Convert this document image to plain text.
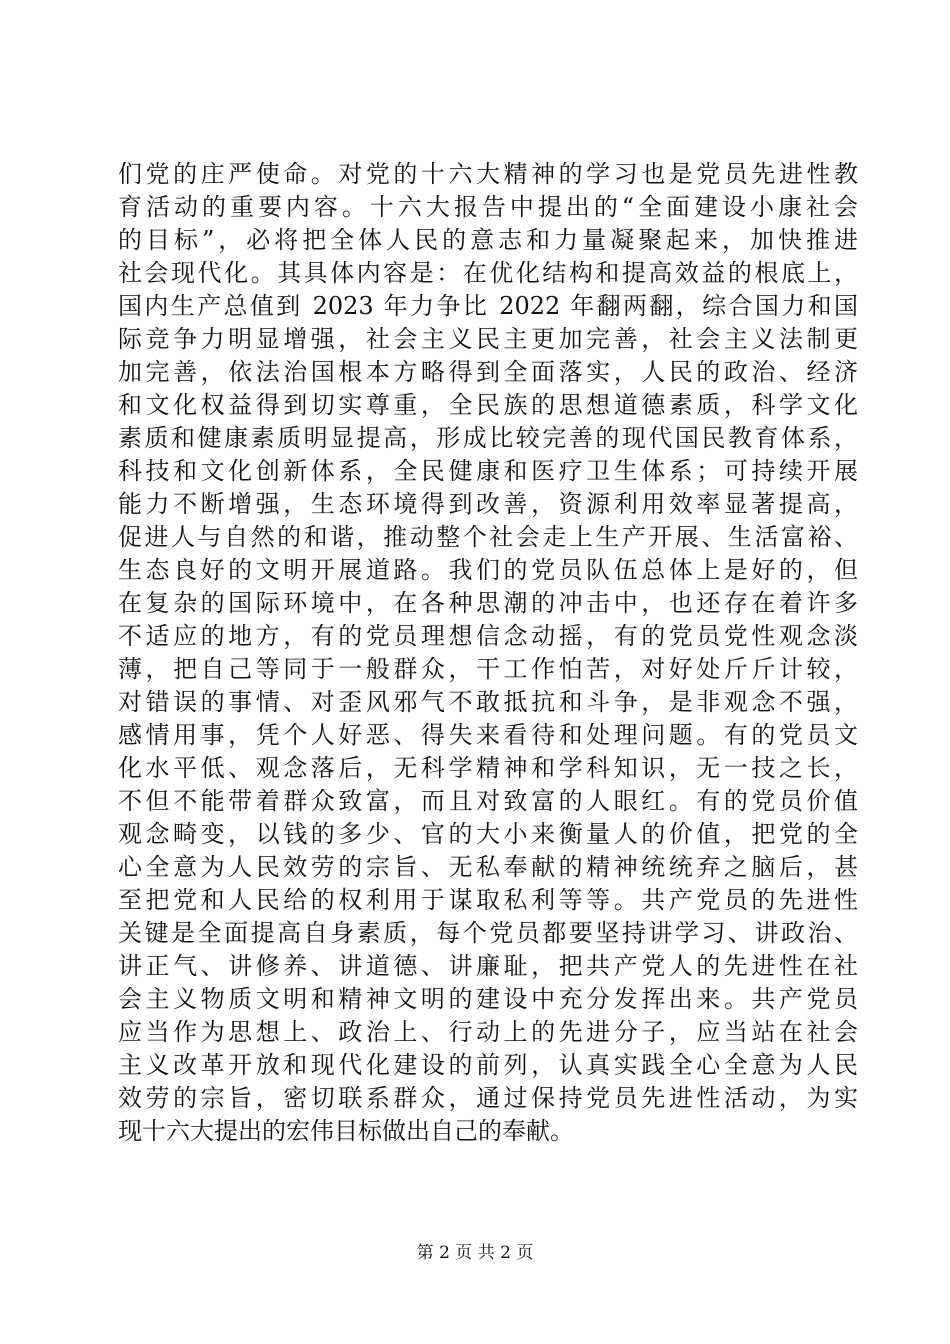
们党的庄严使命。对党的十六大精神的学习也是党员先进性教
育活动的重要内容。十六大报告中提出的“全面建设小康社会
的目标”，必将把全体人民的意志和力量凝聚起来，加快推进
社会现代化。其具体内容是：在优化结构和提高效益的根底上，
国内生产总值到 2023 年力争比 2022 年翻两翻，综合国力和国
际竞争力明显增强，社会主义民主更加完善，社会主义法制更
加完善，依法治国根本方略得到全面落实，人民的政治、经济
和文化权益得到切实尊重，全民族的思想道德素质，科学文化
素质和健康素质明显提高，形成比较完善的现代国民教育体系，
科技和文化创新体系，全民健康和医疗卫生体系；可持续开展
能力不断增强，生态环境得到改善，资源利用效率显著提高，
促进人与自然的和谐，推动整个社会走上生产开展、生活富裕、
生态良好的文明开展道路。我们的党员队伍总体上是好的，但
在复杂的国际环境中，在各种思潮的冲击中，也还存在着许多
不适应的地方，有的党员理想信念动摇，有的党员党性观念淡
薄，把自己等同于一般群众，干工作怕苦，对好处斤斤计较，
对错误的事情、对歪风邪气不敢抵抗和斗争，是非观念不强，
感情用事，凭个人好恶、得失来看待和处理问题。有的党员文
化水平低、观念落后，无科学精神和学科知识，无一技之长，
不但不能带着群众致富，而且对致富的人眼红。有的党员价值
观念畸变，以钱的多少、官的大小来衡量人的价值，把党的全
心全意为人民效劳的宗旨、无私奉献的精神统统弃之脑后，甚
至把党和人民给的权利用于谋取私利等等。共产党员的先进性
关键是全面提高自身素质，每个党员都要坚持讲学习、讲政治、
讲正气、讲修养、讲道德、讲廉耻，把共产党人的先进性在社
会主义物质文明和精神文明的建设中充分发挥出来。共产党员
应当作为思想上、政治上、行动上的先进分子，应当站在社会
主义改革开放和现代化建设的前列，认真实践全心全意为人民
效劳的宗旨，密切联系群众，通过保持党员先进性活动，为实
现十六大提出的宏伟目标做出自己的奉献。
第 2 页 共 2 页
